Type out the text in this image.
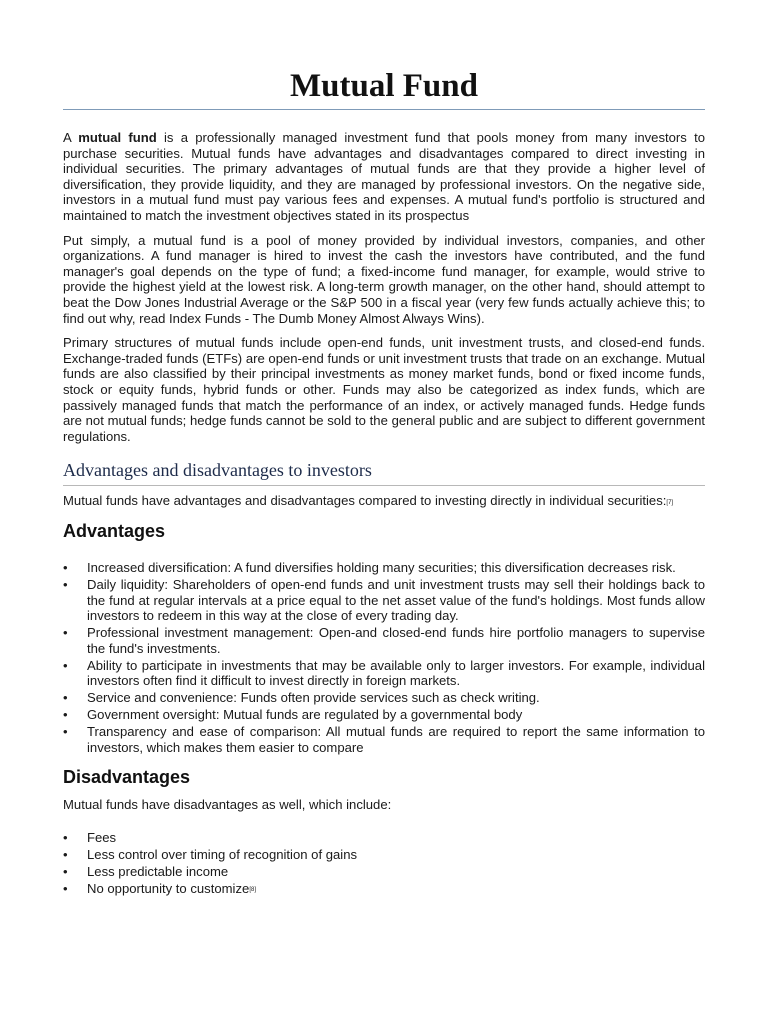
Mutual Fund

A mutual fund is a professionally managed investment fund that pools money from many investors to purchase securities. Mutual funds have advantages and disadvantages compared to direct investing in individual securities. The primary advantages of mutual funds are that they provide a higher level of diversification, they provide liquidity, and they are managed by professional investors. On the negative side, investors in a mutual fund must pay various fees and expenses. A mutual fund's portfolio is structured and maintained to match the investment objectives stated in its prospectus

Put simply, a mutual fund is a pool of money provided by individual investors, companies, and other organizations. A fund manager is hired to invest the cash the investors have contributed, and the fund manager's goal depends on the type of fund; a fixed-income fund manager, for example, would strive to provide the highest yield at the lowest risk. A long-term growth manager, on the other hand, should attempt to beat the Dow Jones Industrial Average or the S&P 500 in a fiscal year (very few funds actually achieve this; to find out why, read Index Funds - The Dumb Money Almost Always Wins).

Primary structures of mutual funds include open-end funds, unit investment trusts, and closed-end funds. Exchange-traded funds (ETFs) are open-end funds or unit investment trusts that trade on an exchange. Mutual funds are also classified by their principal investments as money market funds, bond or fixed income funds, stock or equity funds, hybrid funds or other. Funds may also be categorized as index funds, which are passively managed funds that match the performance of an index, or actively managed funds. Hedge funds are not mutual funds; hedge funds cannot be sold to the general public and are subject to different government regulations.

Advantages and disadvantages to investors

Mutual funds have advantages and disadvantages compared to investing directly in individual securities:[7]

Advantages
• Increased diversification: A fund diversifies holding many securities; this diversification decreases risk.
• Daily liquidity: Shareholders of open-end funds and unit investment trusts may sell their holdings back to the fund at regular intervals at a price equal to the net asset value of the fund's holdings. Most funds allow investors to redeem in this way at the close of every trading day.
• Professional investment management: Open-and closed-end funds hire portfolio managers to supervise the fund's investments.
• Ability to participate in investments that may be available only to larger investors. For example, individual investors often find it difficult to invest directly in foreign markets.
• Service and convenience: Funds often provide services such as check writing.
• Government oversight: Mutual funds are regulated by a governmental body
• Transparency and ease of comparison: All mutual funds are required to report the same information to investors, which makes them easier to compare
Disadvantages

Mutual funds have disadvantages as well, which include:

• Fees
• Less control over timing of recognition of gains
• Less predictable income
• No opportunity to customize[8]
